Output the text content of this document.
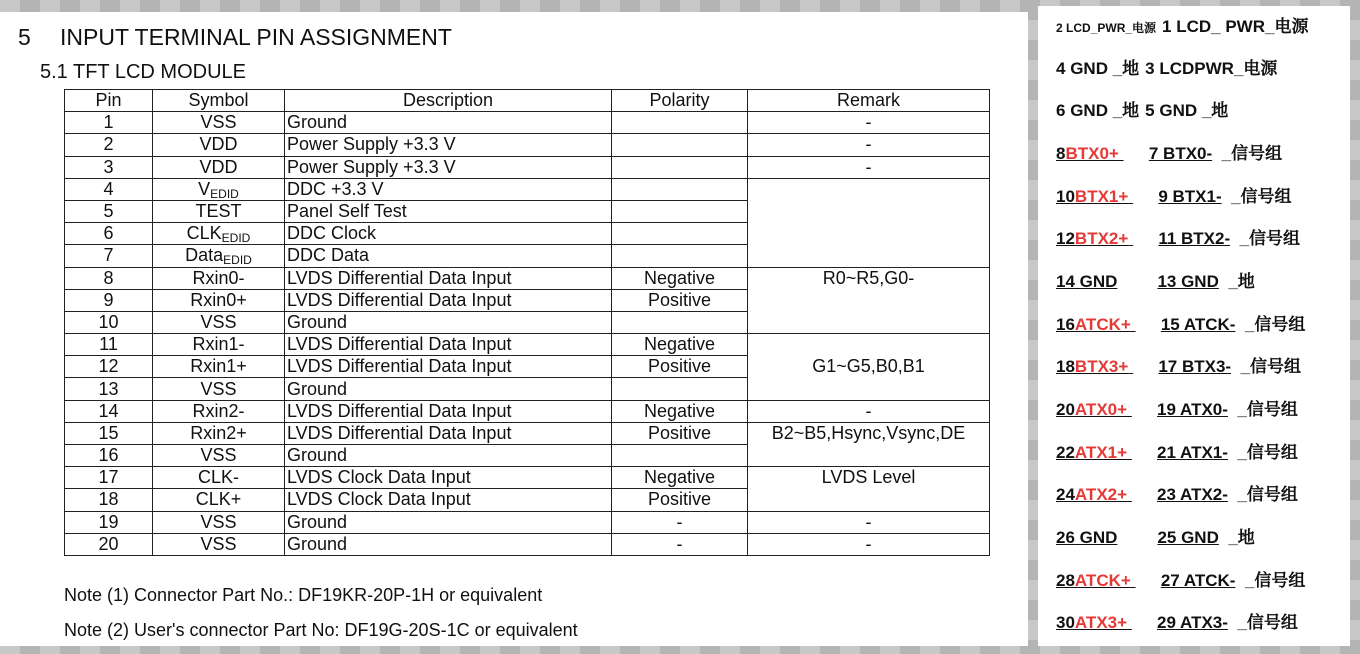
5 INPUT TERMINAL PIN ASSIGNMENT
5.1 TFT LCD MODULE
Pin	Symbol	Description	Polarity	Remark
1	VSS	Ground		-
2	VDD	Power Supply +3.3 V		-
3	VDD	Power Supply +3.3 V		-
4	$V_{EDID}$	DDC +3.3 V		
5	TEST	Panel Self Test		
6	$CLK_{EDID}$	DDC Clock		
7	Data$_{EDID}$	DDC Data		
8	Rxin0-	LVDS Differential Data Input	Negative	R0~R5,G0-
9	Rxin0+	LVDS Differential Data Input	Positive	
10	VSS	Ground		
11	Rxin1-	LVDS Differential Data Input	Negative	G1~G5,B0,B1
12	Rxin1+	LVDS Differential Data Input	Positive	
13	VSS	Ground		
14	Rxin2-	LVDS Differential Data Input	Negative	-
15	Rxin2+	LVDS Differential Data Input	Positive	B2~B5,Hsync,Vsync,DE
16	VSS	Ground		
17	CLK-	LVDS Clock Data Input	Negative	LVDS Level
18	CLK+	LVDS Clock Data Input	Positive	
19	VSS	Ground	-	-
20	VSS	Ground	-	-
Note (1) Connector Part No.: DF19KR-20P-1H or equivalent
Note (2) User's connector Part No: DF19G-20S-1C or equivalent
2 LCD_PWR_电源 1 LCD_ PWR_电源
4 GND _地 3 LCDPWR_电源
6 GND _地 5 GND _地
8BTX0+ 7 BTX0- _信号组
10BTX1+ 9 BTX1- _信号组
12BTX2+ 11 BTX2- _信号组
14 GND 13 GND _地
16ATCK+ 15 ATCK- _信号组
18BTX3+ 17 BTX3- _信号组
20ATX0+ 19 ATX0- _信号组
22ATX1+ 21 ATX1- _信号组
24ATX2+ 23 ATX2- _信号组
26 GND 25 GND _地
28ATCK+ 27 ATCK- _信号组
30ATX3+ 29 ATX3- _信号组
